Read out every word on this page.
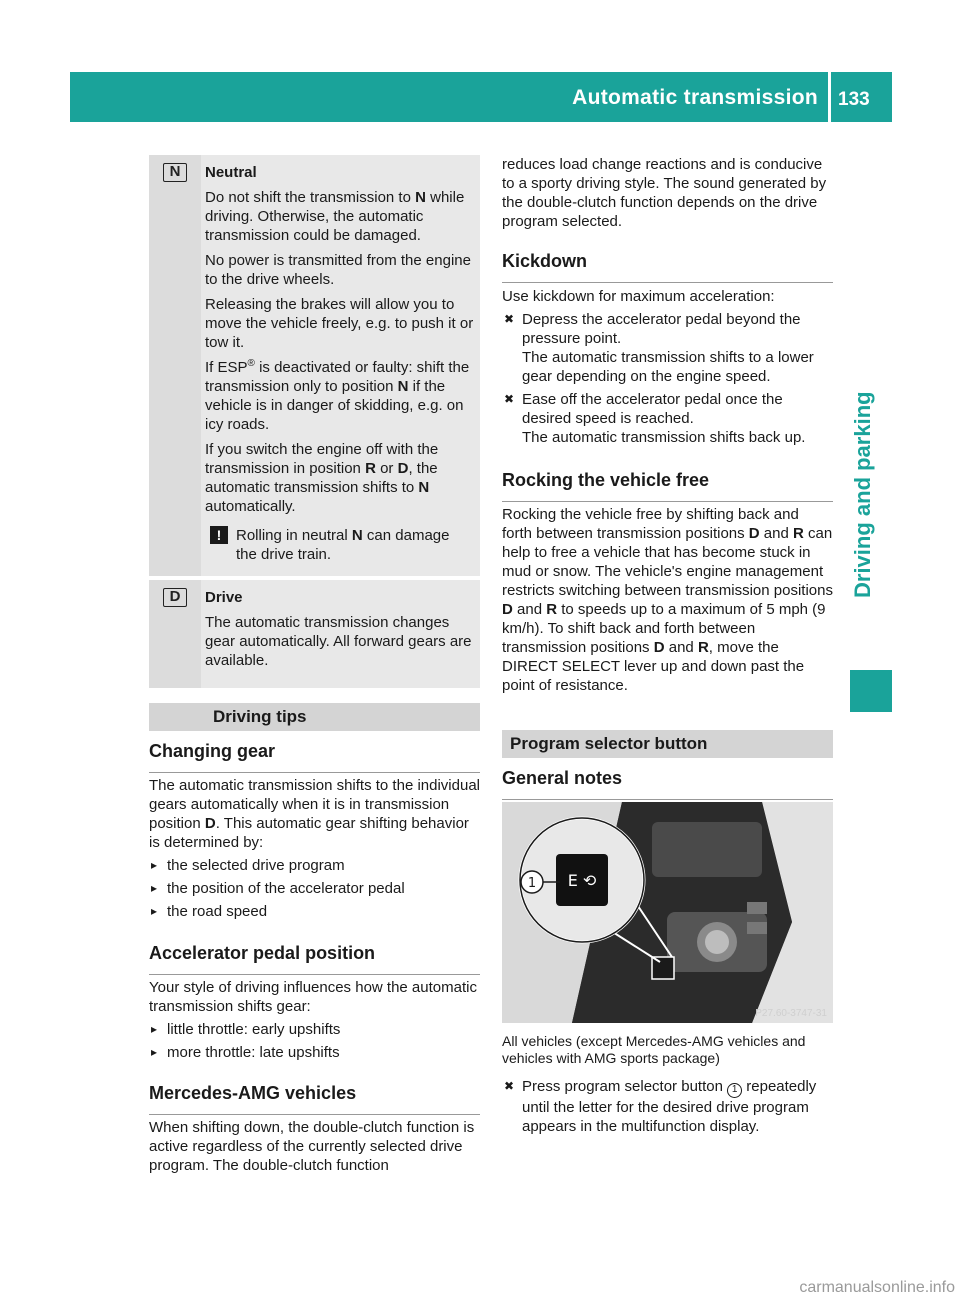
Automatic transmission 133
Driving and parking
N	Neutral

Do not shift the transmission to N while driving. Otherwise, the automatic transmission could be damaged.

No power is transmitted from the engine to the drive wheels.

Releasing the brakes will allow you to move the vehicle freely, e.g. to push it or tow it.

If ESP® is deactivated or faulty: shift the transmission only to position N if the vehicle is in danger of skidding, e.g. on icy roads.

If you switch the engine off with the transmission in position R or D, the automatic transmission shifts to N automatically.

! Rolling in neutral N can damage the drive train.
D	Drive

The automatic transmission changes gear automatically. All forward gears are available.

Driving tips
Changing gear

The automatic transmission shifts to the individual gears automatically when it is in transmission position D. This automatic gear shifting behavior is determined by:

▸ the selected drive program
▸ the position of the accelerator pedal
▸ the road speed
Accelerator pedal position

Your style of driving influences how the automatic transmission shifts gear:

▸ little throttle: early upshifts
▸ more throttle: late upshifts
Mercedes-AMG vehicles

When shifting down, the double-clutch function is active regardless of the currently selected drive program. The double-clutch function

reduces load change reactions and is conducive to a sporty driving style. The sound generated by the double-clutch function depends on the drive program selected.

Kickdown

Use kickdown for maximum acceleration:

✖ Depress the accelerator pedal beyond the pressure point.
The automatic transmission shifts to a lower gear depending on the engine speed.
✖ Ease off the accelerator pedal once the desired speed is reached.
The automatic transmission shifts back up.
Rocking the vehicle free

Rocking the vehicle free by shifting back and forth between transmission positions D and R can help to free a vehicle that has become stuck in mud or snow. The vehicle's engine management restricts switching between transmission positions D and R to speeds up to a maximum of 5 mph (9 km/h). To shift back and forth between transmission positions D and R, move the DIRECT SELECT lever up and down past the point of resistance.

Program selector button
General notes
E ⟲
1
P27.60-3747-31
All vehicles (except Mercedes-AMG vehicles and vehicles with AMG sports package)
✖ Press program selector button 1 repeatedly until the letter for the desired drive program appears in the multifunction display.
carmanualsonline.info
